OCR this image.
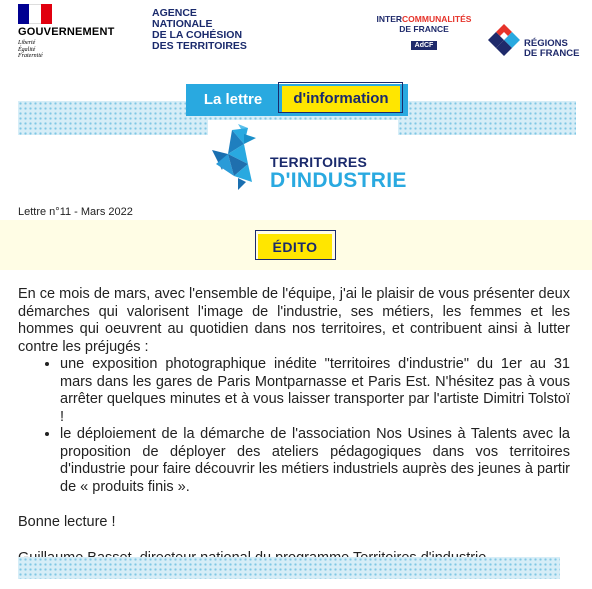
GOUVERNEMENT
Liberté
Égalité
Fraternité
AGENCE
NATIONALE
DE LA COHÉSION
DES TERRITOIRES
INTERCOMMUNALITÉS
DE FRANCE
AdCF	RÉGIONS
DE FRANCE
La lettre	d'information
TERRITOIRES
D'INDUSTRIE
Lettre n°11 - Mars 2022
ÉDITO

En ce mois de mars, avec l'ensemble de l'équipe, j'ai le plaisir de vous présenter deux démarches qui valorisent l'image de l'industrie, ses métiers, les femmes et les hommes qui oeuvrent au quotidien dans nos territoires, et contribuent ainsi à lutter contre les préjugés :

• une exposition photographique inédite "territoires d'industrie" du 1er au 31 mars dans les gares de Paris Montparnasse et Paris Est. N'hésitez pas à vous arrêter quelques minutes et à vous laisser transporter par l'artiste Dimitri Tolstoï !
• le déploiement de la démarche de l'association Nos Usines à Talents avec la proposition de déployer des ateliers pédagogiques dans vos territoires d'industrie pour faire découvrir les métiers industriels auprès des jeunes à partir de « produits finis ».

Bonne lecture !
